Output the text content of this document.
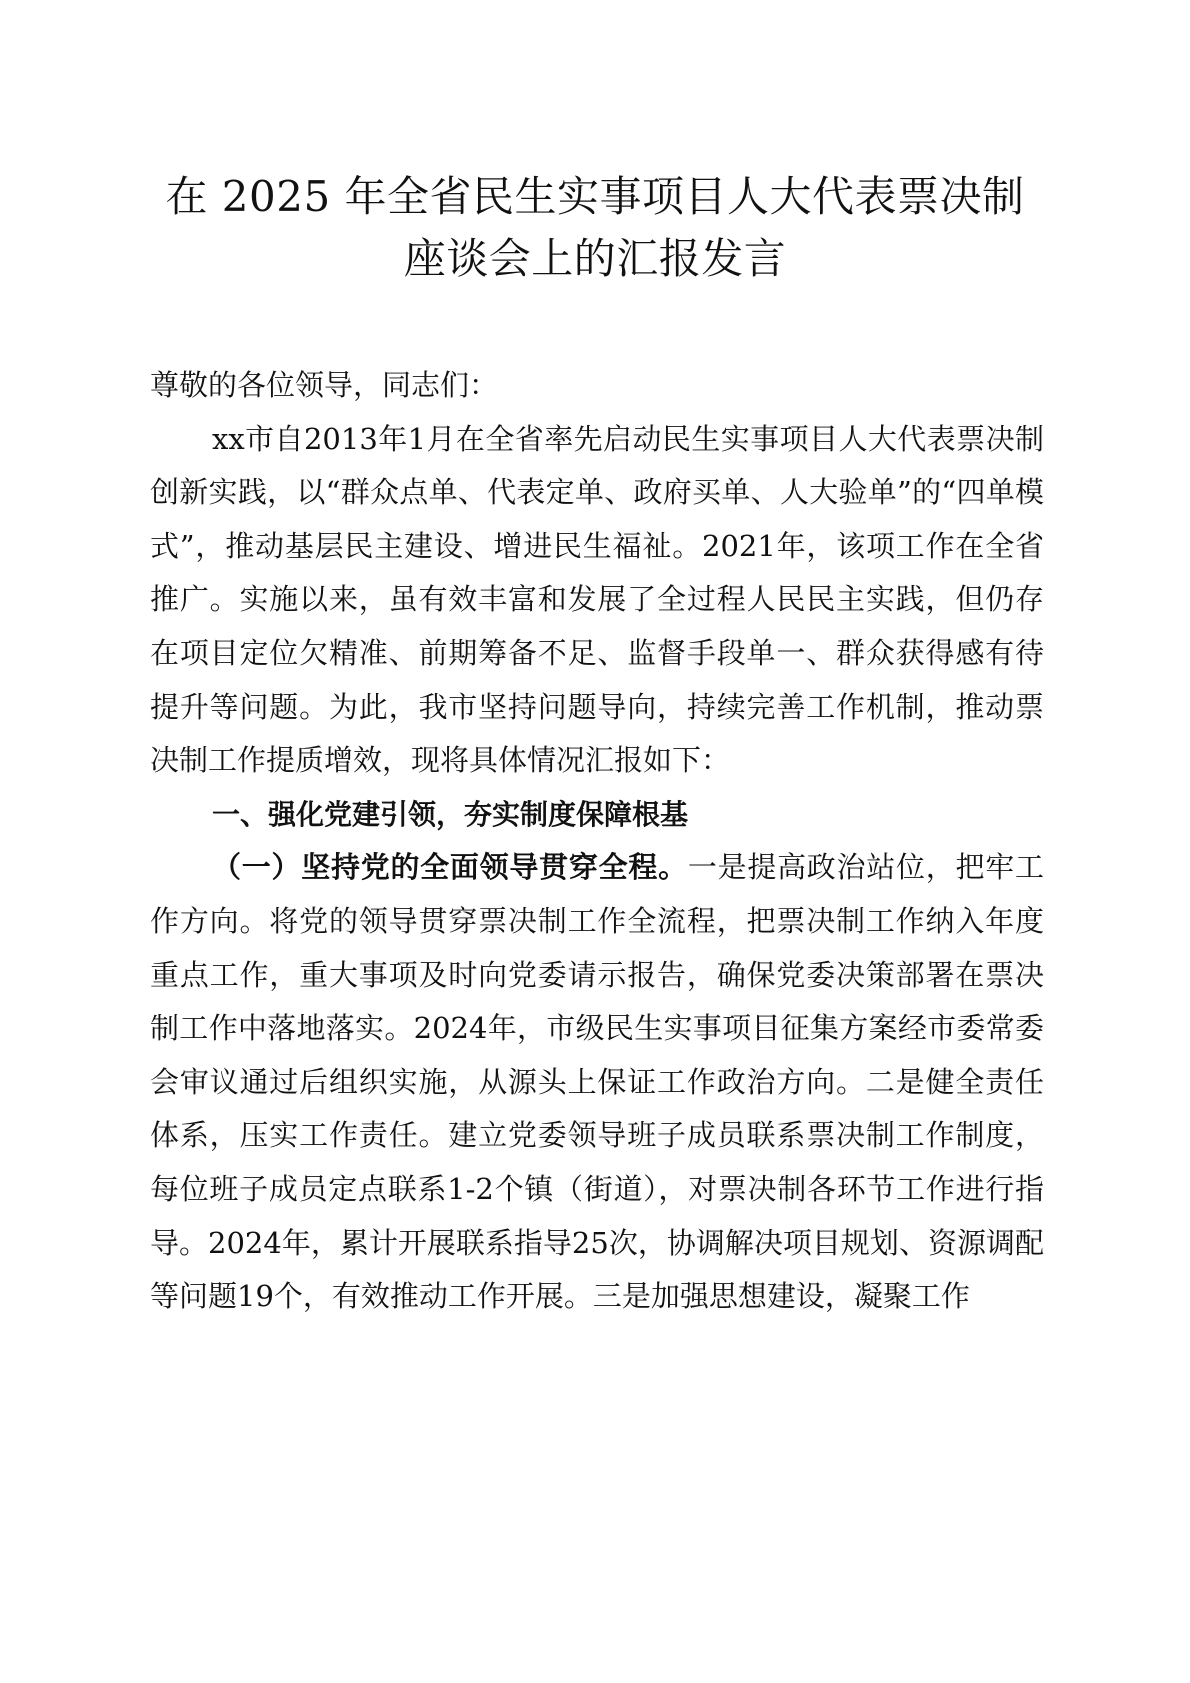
在 2025 年全省民生实事项目人大代表票决制
座谈会上的汇报发言

尊敬的各位领导，同志们：

xx市自2013年1月在全省率先启动民生实事项目人大代表票决制创新实践，以“群众点单、代表定单、政府买单、人大验单”的“四单模式”，推动基层民主建设、增进民生福祉。2021年，该项工作在全省推广。实施以来，虽有效丰富和发展了全过程人民民主实践，但仍存在项目定位欠精准、前期筹备不足、监督手段单一、群众获得感有待提升等问题。为此，我市坚持问题导向，持续完善工作机制，推动票决制工作提质增效，现将具体情况汇报如下：

一、强化党建引领，夯实制度保障根基

（一）坚持党的全面领导贯穿全程。一是提高政治站位，把牢工作方向。将党的领导贯穿票决制工作全流程，把票决制工作纳入年度重点工作，重大事项及时向党委请示报告，确保党委决策部署在票决制工作中落地落实。2024年，市级民生实事项目征集方案经市委常委会审议通过后组织实施，从源头上保证工作政治方向。二是健全责任体系，压实工作责任。建立党委领导班子成员联系票决制工作制度，每位班子成员定点联系1-2个镇（街道），对票决制各环节工作进行指导。2024年，累计开展联系指导25次，协调解决项目规划、资源调配等问题19个，有效推动工作开展。三是加强思想建设，凝聚工作
